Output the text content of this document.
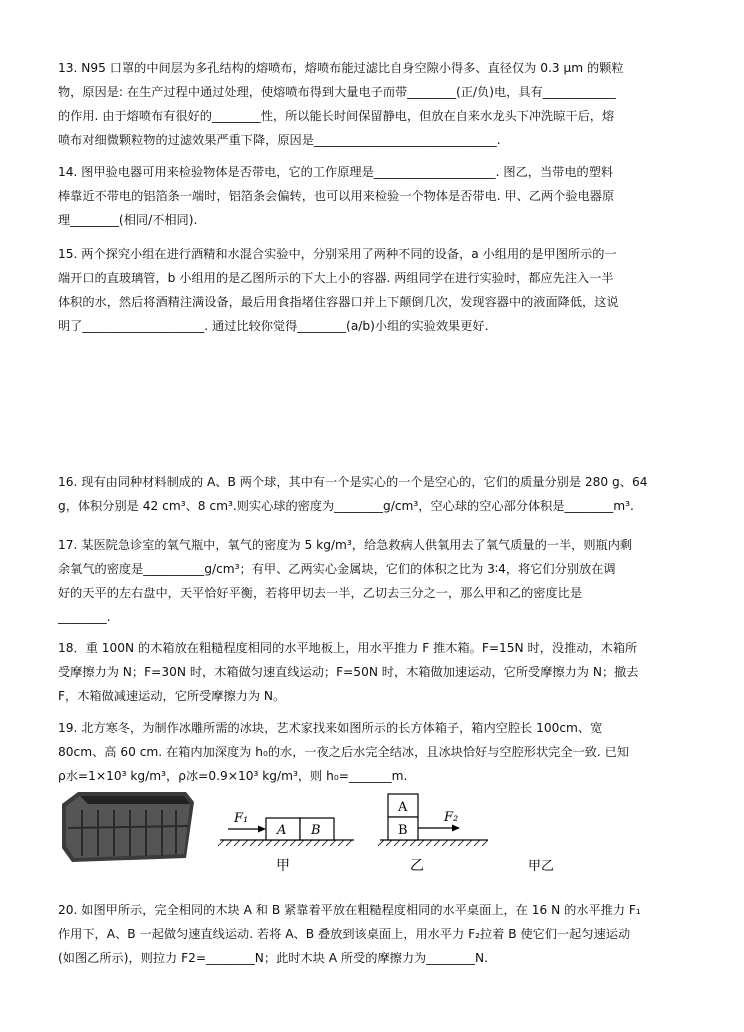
13. N95 口罩的中间层为多孔结构的熔喷布，熔喷布能过滤比自身空隙小得多、直径仅为 0.3 μm 的颗粒

物，原因是: 在生产过程中通过处理，使熔喷布得到大量电子而带________(正/负)电，具有____________

的作用. 由于熔喷布有很好的________性，所以能长时间保留静电，但放在自来水龙头下冲洗晾干后，熔

喷布对细微颗粒物的过滤效果严重下降，原因是______________________________.

14. 图甲验电器可用来检验物体是否带电，它的工作原理是____________________. 图乙，当带电的塑料

棒靠近不带电的铝箔条一端时，铝箔条会偏转，也可以用来检验一个物体是否带电. 甲、乙两个验电器原

理________(相同/不相同).

15. 两个探究小组在进行酒精和水混合实验中，分别采用了两种不同的设备，a 小组用的是甲图所示的一

端开口的直玻璃管，b 小组用的是乙图所示的下大上小的容器. 两组同学在进行实验时，都应先注入一半

体积的水，然后将酒精注满设备，最后用食指堵住容器口并上下颠倒几次，发现容器中的液面降低，这说

明了____________________. 通过比较你觉得________(a/b)小组的实验效果更好.

16. 现有由同种材料制成的 A、B 两个球，其中有一个是实心的一个是空心的，它们的质量分别是 280 g、64

g，体积分别是 42 cm³、8 cm³.则实心球的密度为________g/cm³，空心球的空心部分体积是________m³.

17. 某医院急诊室的氧气瓶中，氧气的密度为 5 kg/m³，给急救病人供氧用去了氧气质量的一半，则瓶内剩

余氧气的密度是__________g/cm³；有甲、乙两实心金属块，它们的体积之比为 3∶4，将它们分别放在调

好的天平的左右盘中，天平恰好平衡，若将甲切去一半，乙切去三分之一，那么甲和乙的密度比是

________.

18．重 100N 的木箱放在粗糙程度相同的水平地板上，用水平推力 F 推木箱。F=15N 时，没推动，木箱所

受摩擦力为 N；F=30N 时，木箱做匀速直线运动；F=50N 时，木箱做加速运动，它所受摩擦力为 N；撤去

F，木箱做减速运动，它所受摩擦力为 N。

19. 北方寒冬，为制作冰雕所需的冰块，艺术家找来如图所示的长方体箱子，箱内空腔长 100cm、宽

80cm、高 60 cm. 在箱内加深度为 h₀的水，一夜之后水完全结冰，且冰块恰好与空腔形状完全一致. 已知

ρ水=1×10³ kg/m³，ρ冰=0.9×10³ kg/m³，则 h₀=_______m.

A B
F₁
甲
A
B
F₂
乙	甲乙

20. 如图甲所示，完全相同的木块 A 和 B 紧靠着平放在粗糙程度相同的水平桌面上，在 16 N 的水平推力 F₁

作用下，A、B 一起做匀速直线运动. 若将 A、B 叠放到该桌面上，用水平力 F₂拉着 B 使它们一起匀速运动

(如图乙所示)，则拉力 F2=________N；此时木块 A 所受的摩擦力为________N.
